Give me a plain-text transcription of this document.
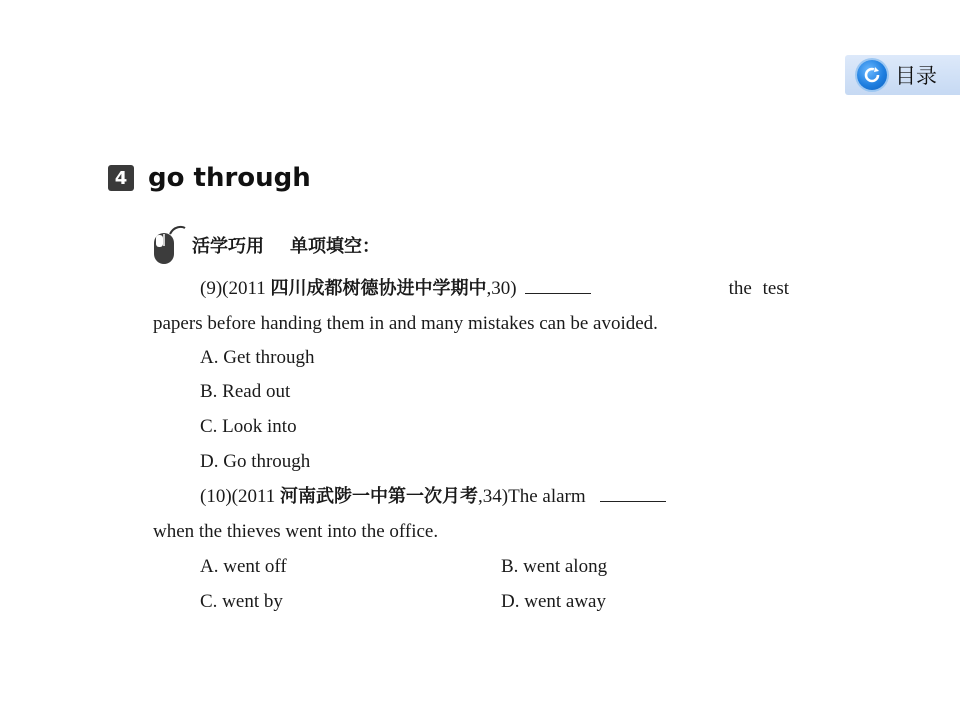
目录
4 go through
活学巧用 单项填空：
(9)(2011 四川成都树德协进中学期中,30)	the test
papers before handing them in and many mistakes can be avoided.
A. Get through
B. Read out
C. Look into
D. Go through
(10)(2011 河南武陟一中第一次月考,34)The alarm
when the thieves went into the office.
A. went off	B. went along
C. went by	D. went away
